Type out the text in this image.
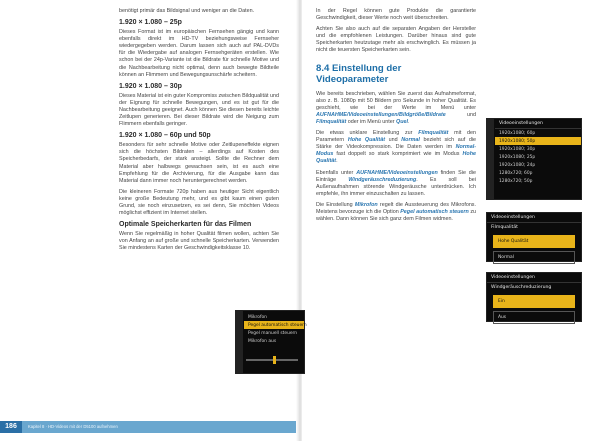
benötigt primär das Bildsignal und weniger an die Daten.

1.920 × 1.080 – 25p

Dieses Format ist im europäischen Fernsehen gängig und kann ebenfalls direkt im HD-TV beziehungsweise Fernseher wiedergegeben werden. Darum lassen sich auch auf PAL-DVDs für die Wiedergabe auf analogen Fernsehgeräten erstellen. Wie schon bei der 24p-Variante ist die Bildrate für schnelle Motive und die Nachbearbeitung nicht optimal, denn auch bewegte Bildteile können an Flimmern und Bewegungsunschärfe scheitern.

1.920 × 1.080 – 30p

Dieses Material ist ein guter Kompromiss zwischen Bildqualität und der Eignung für schnelle Bewegungen, und es ist gut für die Nachbearbeitung geeignet. Auch können Sie diesen bereits leichte Zeitlupen generieren. Bei dieser Bildrate wird die Neigung zum Flimmern ebenfalls geringer.

1.920 × 1.080 – 60p und 50p

Besonders für sehr schnelle Motive oder Zeitlupeneffekte eignen sich die höchsten Bildraten – allerdings auf Kosten des Speicherbedarfs, der stark ansteigt. Sollte die Rechner dem Material aber halbwegs gewachsen sein, ist es auch eine Empfehlung für die Archivierung, für die Ausgabe kann das Material dann immer noch heruntergerechnet werden.

Die kleineren Formate 720p haben aus heutiger Sicht eigentlich keine große Bedeutung mehr, und es gibt kaum einen guten Grund, sie noch einzusetzen, es sei denn, Sie möchten Videos möglichst effizient im Internet stellen.

Optimale Speicherkarten für das Filmen

Wenn Sie regelmäßig in hoher Qualität filmen wollen, achten Sie von Anfang an auf große und schnelle Speicherkarten. Verwenden Sie mindestens Karten der Geschwindigkeitsklasse 10.

186	Kapitel 8 · HD-Videos mit der D5100 aufnehmen

In der Regel können gute Produkte die garantierte Geschwindigkeit, dieser Werte noch weit überschreiten.

Achten Sie also auch auf die separaten Angaben der Hersteller und die empfohlenen Leistungen. Darüber hinaus sind gute Speicherkarten heutzutage mehr als erschwinglich. Es müssen ja nicht die teuersten Speicherkarten sein.

8.4 Einstellung der Videoparameter

Wie bereits beschrieben, wählen Sie zuerst das Aufnahmeformat, also z. B. 1080p mit 50 Bildern pro Sekunde in hoher Qualität. Es geschieht, wie bei der Werte im Menü unter AUFNAHME/Videoeinstellungen/Bildgröße/Bildrate	und Filmqualität oder im Menü unter Quel.

Die etwas unklare Einstellung zur Filmqualität mit den Parametern Hohe Qualität und Normal bezieht sich auf die Stärke der Videokompression. Die Daten werden im Normal-Modus fast doppelt so stark komprimiert wie im Modus Hohe Qualität.

Ebenfalls unter AUFNAHME/Videoeinstellungen finden Sie die Einträge Windgeräuschreduzierung. Es soll bei Außenaufnahmen störende Windgeräusche unterdrücken. Ich empfehle, ihn immer einzuschalten zu lassen.

Die Einstellung Mikrofon regelt die Aussteuerung des Mikrofons. Meistens bevorzuge ich die Option Pegel automatisch steuern zu wählen. Dann können Sie sich ganz dem Filmen widmen.

Videoeinstellungen
1920x1080; 60p
1920x1080; 50p
1920x1080; 30p
1920x1080; 25p
1920x1080; 24p
1280x720; 60p
1280x720; 50p
Videoeinstellungen
Filmqualität
Hohe Qualität
Normal
Videoeinstellungen
Windgeräuschreduzierung
Ein
Aus
Mikrofon
Pegel automatisch steuern
Pegel manuell steuern
Mikrofon aus
